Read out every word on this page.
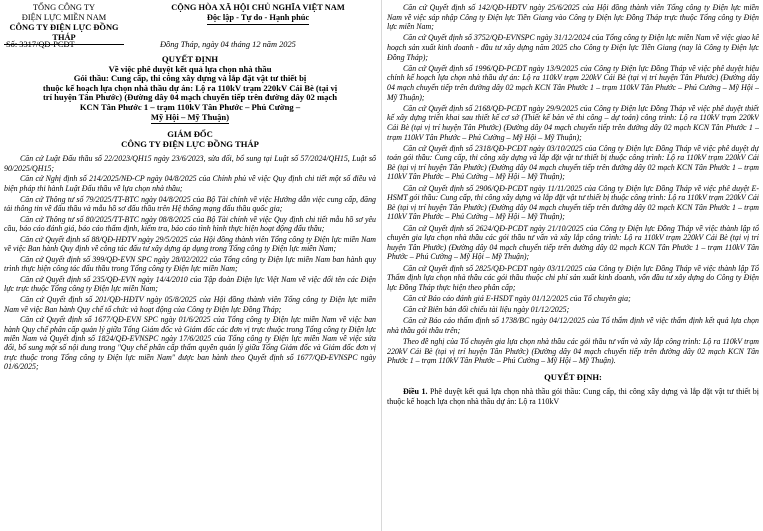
TỔNG CÔNG TY
ĐIỆN LỰC MIỀN NAM
CÔNG TY ĐIỆN LỰC ĐỒNG THÁP
CỘNG HÒA XÃ HỘI CHỦ NGHĨA VIỆT NAM
Độc lập - Tự do - Hạnh phúc
Số: 3317/QĐ-PCĐT	Đồng Tháp, ngày 04 tháng 12 năm 2025
QUYẾT ĐỊNH
Về việc phê duyệt kết quả lựa chọn nhà thầu
Gói thầu: Cung cấp, thi công xây dựng và lắp đặt vật tư thiết bị
thuộc kế hoạch lựa chọn nhà thầu dự án: Lộ ra 110kV trạm 220kV Cái Bè (tại vị
trí huyện Tân Phước) (Đường dây 04 mạch chuyển tiếp trên đường dây 02 mạch
KCN Tân Phước 1 – trạm 110kV Tân Phước – Phú Cường –
Mỹ Hội – Mỹ Thuận)
GIÁM ĐỐC
CÔNG TY ĐIỆN LỰC ĐỒNG THÁP

Căn cứ Luật Đấu thầu số 22/2023/QH15 ngày 23/6/2023, sửa đổi, bổ sung tại Luật số 57/2024/QH15, Luật số 90/2025/QH15;

Căn cứ Nghị định số 214/2025/NĐ-CP ngày 04/8/2025 của Chính phủ về việc Quy định chi tiết một số điều và biện pháp thi hành Luật Đấu thầu về lựa chọn nhà thầu;

Căn cứ Thông tư số 79/2025/TT-BTC ngày 04/8/2025 của Bộ Tài chính về việc Hướng dẫn việc cung cấp, đăng tải thông tin về đấu thầu và mẫu hồ sơ đấu thầu trên Hệ thống mạng đấu thầu quốc gia;

Căn cứ Thông tư số 80/2025/TT-BTC ngày 08/8/2025 của Bộ Tài chính về việc Quy định chi tiết mẫu hồ sơ yêu cầu, báo cáo đánh giá, báo cáo thẩm định, kiểm tra, báo cáo tình hình thực hiện hoạt động đấu thầu;

Căn cứ Quyết định số 88/QĐ-HĐTV ngày 29/5/2025 của Hội đồng thành viên Tổng công ty Điện lực miền Nam về việc Ban hành Quy định về công tác đấu tư xây dựng áp dụng trong Tổng công ty Điện lực miền Nam;

Căn cứ Quyết định số 399/QĐ-EVN SPC ngày 28/02/2022 của Tổng công ty Điện lực miền Nam ban hành quy trình thực hiện công tác đấu thầu trong Tổng công ty Điện lực miền Nam;

Căn cứ Quyết định số 235/QĐ-EVN ngày 14/4/2010 của Tập đoàn Điện lực Việt Nam về việc đổi tên các Điện lực trực thuộc Tổng công ty Điện lực miền Nam;

Căn cứ Quyết định số 201/QĐ-HĐTV ngày 05/8/2025 của Hội đồng thành viên Tổng công ty Điện lực miền Nam về việc Ban hành Quy chế tổ chức và hoạt động của Công ty Điện lực Đồng Tháp;

Căn cứ Quyết định số 1677/QĐ-EVN SPC ngày 01/6/2025 của Tổng công ty Điện lực miền Nam về việc ban hành Quy chế phân cấp quản lý giữa Tổng Giám đốc và Giám đốc các đơn vị trực thuộc trong Tổng công ty Điện lực miền Nam và Quyết định số 1824/QĐ-EVNSPC ngày 17/6/2025 của Tổng công ty Điện lực miền Nam về việc sửa đổi, bổ sung một số nội dung trong "Quy chế phân cấp thẩm quyền quản lý giữa Tổng Giám đốc và Giám đốc đơn vị trực thuộc trong Tổng công ty Điện lực miền Nam" được ban hành theo Quyết định số 1677/QĐ-EVNSPC ngày 01/6/2025;

Căn cứ Quyết định số 142/QĐ-HĐTV ngày 25/6/2025 của Hội đồng thành viên Tổng công ty Điện lực miền Nam về việc sáp nhập Công ty Điện lực Tiền Giang vào Công ty Điện lực Đồng Tháp trực thuộc Tổng công ty Điện lực miền Nam;

Căn cứ Quyết định số 3752/QĐ-EVNSPC ngày 31/12/2024 của Tổng công ty Điện lực miền Nam về việc giao kế hoạch sản xuất kinh doanh - đầu tư xây dựng năm 2025 cho Công ty Điện lực Tiền Giang (nay là Công ty Điện lực Đồng Tháp);

Căn cứ Quyết định số 1996/QĐ-PCĐT ngày 13/9/2025 của Công ty Điện lực Đồng Tháp về việc phê duyệt hiệu chỉnh kế hoạch lựa chọn nhà thầu dự án: Lộ ra 110kV trạm 220kV Cái Bè (tại vị trí huyện Tân Phước) (Đường dây 04 mạch chuyển tiếp trên đường dây 02 mạch KCN Tân Phước 1 – trạm 110kV Tân Phước – Phú Cường – Mỹ Hội – Mỹ Thuận);

Căn cứ Quyết định số 2168/QĐ-PCĐT ngày 29/9/2025 của Công ty Điện lực Đồng Tháp về việc phê duyệt thiết kế xây dựng triển khai sau thiết kế cơ sở (Thiết kế bản vẽ thi công – dự toán) công trình: Lộ ra 110kV trạm 220kV Cái Bè (tại vị trí huyện Tân Phước) (Đường dây 04 mạch chuyển tiếp trên đường dây 02 mạch KCN Tân Phước 1 – trạm 110kV Tân Phước – Phú Cường – Mỹ Hội – Mỹ Thuận);

Căn cứ Quyết định số 2318/QĐ-PCĐT ngày 03/10/2025 của Công ty Điện lực Đồng Tháp về việc phê duyệt dự toán gói thầu: Cung cấp, thi công xây dựng và lắp đặt vật tư thiết bị thuộc công trình: Lộ ra 110kV trạm 220kV Cái Bè (tại vị trí huyện Tân Phước) (Đường dây 04 mạch chuyển tiếp trên đường dây 02 mạch KCN Tân Phước 1 – trạm 110kV Tân Phước – Phú Cường – Mỹ Hội – Mỹ Thuận);

Căn cứ Quyết định số 2906/QĐ-PCĐT ngày 11/11/2025 của Công ty Điện lực Đồng Tháp về việc phê duyệt E-HSMT gói thầu: Cung cấp, thi công xây dựng và lắp đặt vật tư thiết bị thuộc công trình: Lộ ra 110kV trạm 220kV Cái Bè (tại vị trí huyện Tân Phước) (Đường dây 04 mạch chuyển tiếp trên đường dây 02 mạch KCN Tân Phước 1 – trạm 110kV Tân Phước – Phú Cường – Mỹ Hội – Mỹ Thuận);

Căn cứ Quyết định số 2624/QĐ-PCĐT ngày 21/10/2025 của Công ty Điện lực Đồng Tháp về việc thành lập tổ chuyên gia lựa chọn nhà thầu các gói thầu tư vấn và xây lắp công trình: Lộ ra 110kV trạm 220kV Cái Bè (tại vị trí huyện Tân Phước) (Đường dây 04 mạch chuyển tiếp trên đường dây 02 mạch KCN Tân Phước 1 – trạm 110kV Tân Phước – Phú Cường – Mỹ Hội – Mỹ Thuận);

Căn cứ Quyết định số 2825/QĐ-PCĐT ngày 03/11/2025 của Công ty Điện lực Đồng Tháp về việc thành lập Tổ Thẩm định lựa chọn nhà thầu các gói thầu thuộc chi phí sản xuất kinh doanh, vốn đầu tư xây dựng do Công ty Điện lực Đồng Tháp thực hiện theo phân cấp;

Căn cứ Báo cáo đánh giá E-HSDT ngày 01/12/2025 của Tổ chuyên gia;

Căn cứ Biên bản đối chiếu tài liệu ngày 01/12/2025;

Căn cứ Báo cáo thẩm định số 1738/BC ngày 04/12/2025 của Tổ thẩm định về việc thẩm định kết quả lựa chọn nhà thầu gói thầu trên;

Theo đề nghị của Tổ chuyên gia lựa chọn nhà thầu các gói thầu tư vấn và xây lắp công trình: Lộ ra 110kV trạm 220kV Cái Bè (tại vị trí huyện Tân Phước) (Đường dây 04 mạch chuyển tiếp trên đường dây 02 mạch KCN Tân Phước 1 – trạm 110kV Tân Phước – Phú Cường – Mỹ Hội – Mỹ Thuận).

QUYẾT ĐỊNH:

Điều 1. Phê duyệt kết quả lựa chọn nhà thầu gói thầu: Cung cấp, thi công xây dựng và lắp đặt vật tư thiết bị thuộc kế hoạch lựa chọn nhà thầu dự án: Lộ ra 110kV
